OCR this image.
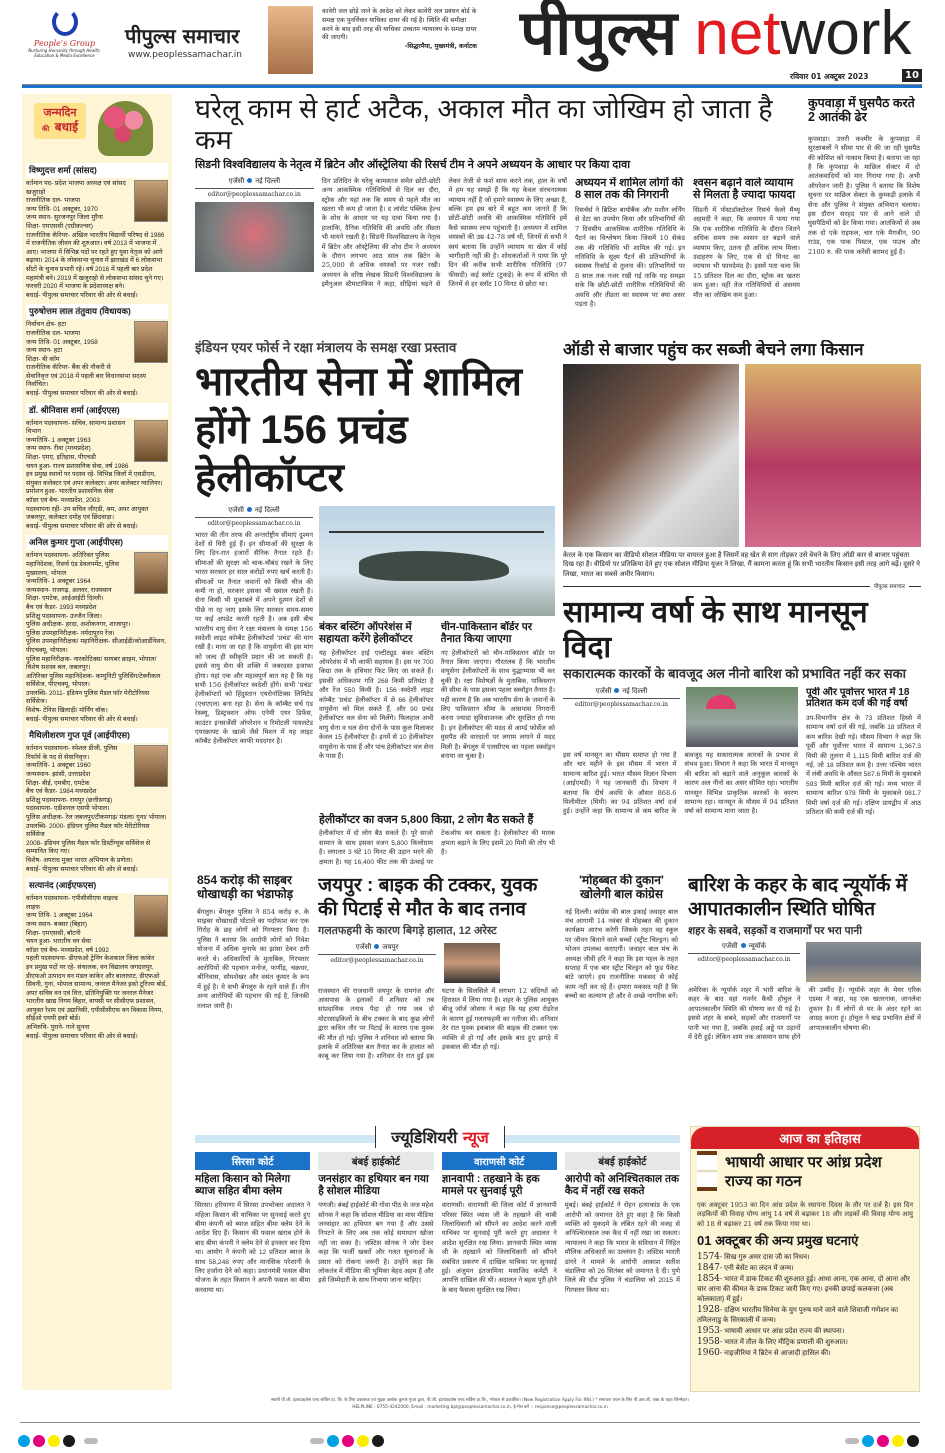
People's Group
Nurturing Humanity through Health, Education & Media Excellence
पीपुल्स समाचार
www.peoplessamachar.in
कावेरी जल छोड़े जाने के आदेश को लेकर कावेरी जल प्रबंधन बोर्ड के समक्ष एक पुनर्विचार याचिका दायर की गई है। स्थिति की समीक्षा करने के बाद इसी तरह की याचिका उच्चतम न्यायालय के समक्ष दायर की जाएगी।
-सिद्धरमैया, मुख्यमंत्री, कर्नाटक पीपुल्स network
रविवार 01 अक्टूबर 2023	10
जन्मदिन
की बधाई
विष्णुदत्त शर्मा (सांसद)
वर्तमान पद- प्रदेश भाजपा अध्यक्ष एवं सांसद खजुराहो
राजनीतिक दल- भाजपा
जन्म तिथि- 01 अक्टूबर, 1970
जन्म स्थान- सुरजनपुर जिला मुरैना
शिक्षा- एमएससी (एग्रीकल्चर)
राजनीतिक कॅरियर- अखिल भारतीय विद्यार्थी परिषद से 1986 में राजनीतिक जीवन की शुरुआत। वर्ष 2013 में भाजपा में आए। भाजपा में विभिन्न पदों पर रहते हुए युवा नेतृत्व को आगे बढ़ाया। 2014 के लोकसभा चुनाव में झारखंड में 6 लोकसभा सीटों के चुनाव प्रभारी रहे। वर्ष 2016 में पहली बार प्रदेश महामंत्री बने। 2019 में खजुराहो से लोकसभा सांसद चुने गए। फरवरी 2020 में भाजपा के प्रदेशाध्यक्ष बने।
बधाई- पीपुल्स समाचार परिवार की ओर से बधाई।
पुरुषोत्तम लाल तंतुवाय (विधायक)
निर्वाचन क्षेत्र- हटा
राजनीतिक दल- भाजपा
जन्म तिथि- 01 अक्टूबर, 1958
जन्म स्थान- हटा
शिक्षा- बी कॉम
राजनीतिक कॅरियर- बैंक की नौकरी से सेवानिवृत्त एवं 2018 में पहली बार विधानसभा सदस्य निर्वाचित।
बधाई- पीपुल्स समाचार परिवार की ओर से बधाई।
डॉ. श्रीनिवास शर्मा (आईएएस)
वर्तमान पदस्थापना- सचिव, सामान्य प्रशासन विभाग
जन्मतिथि- 1 अक्टूबर 1963
जन्म स्थान- रीवा (मध्यप्रदेश)
शिक्षा- एमए, इतिहास, पीएचडी
चयन हुआ- राज्य प्रशासनिक सेवा, वर्ष 1986
इन प्रमुख स्थानों पर पदस्थ रहे- विभिन्न जिलों में एसडीएम, संयुक्त कलेक्टर एवं अपर कलेक्टर। अपर कलेक्टर ग्वालियर।
प्रमोशन हुआ- भारतीय प्रशासनिक सेवा
कॉडर एवं बैच- मध्यप्रदेश, 2003
पदस्थापना रही- उप सचिव जीएडी, श्रम, अपर आयुक्त जबलपुर, कलेक्टर दमोह एवं छिंदवाड़ा।
बधाई- पीपुल्स समाचार परिवार की ओर से बधाई।
अनिल कुमार गुप्ता (आईपीएस)
वर्तमान पदस्थापना- अतिरिक्त पुलिस महानिदेशक, रिसर्च एंड डेवलपमेंट, पुलिस मुख्यालय, भोपाल
जन्मतिथि- 1 अक्टूबर 1964
जन्मस्थान- राजगढ़, अलवर, राजस्थान
शिक्षा- एमटेक, आईआईटी दिल्ली।
बैच एवं कैडर- 1993 मध्यप्रदेश
प्रशिक्षु पदस्थापना- उज्जैन जिला।
पुलिस अधीक्षक- हरदा, अशोकनगर, शाजापुर।
पुलिस उपमहानिरीक्षक- नर्मदापुरम रेंज।
पुलिस उपमहानिरीक्षक/ महानिरीक्षक- सीआईडी/कोआर्डीनेशन, पीएचक्यू, भोपाल।
पुलिस महानिरीक्षक- नारकोटिक्स/ सायबर क्राइम, भोपाल/ विशेष सशस्त्र बल, जबलपुर।
अतिरिक्त पुलिस महानिदेशक- कम्युनिटी पुलिसिंग/टेक्नीकल सर्विसेज, पीएचक्यू, भोपाल।
उपलब्धि- 2011- इंडियन पुलिस मैडल फॉर मेरीटोरियस सर्विसेज।
विशेष- टेनिस खिलाड़ी/ मॉर्निंग वॉक।
बधाई- पीपुल्स समाचार परिवार की ओर से बधाई।
मैथिलीशरण गुप्त पूर्व (आईपीएस)
वर्तमान पदस्थापना- स्पेशल डीजी, पुलिस रिफॉर्म के पद से सेवानिवृत्त।
जन्मतिथि- 1 अक्टूबर 1960
जन्मस्थान- झांसी, उत्तरप्रदेश
शिक्षा- बीई, एमबीए, एमटेक
बैच एवं कैडर- 1984 मध्यप्रदेश
प्रशिक्षु पदस्थापना- रायपुर (छत्तीसगढ़)
पदस्थापना- एडीशनल एसपी भोपाल।
पुलिस अधीक्षक- रेल जबलपुर/टीकमगढ़/ मंडला/ गुना/ भोपाल।
उपलब्धि- 2000- इंडियन पुलिस मैडल फॉर मेरीटोरियस सर्विसेज
2008- इंडियन पुलिस मैडल फॉर डिस्टींग्यूस सर्विसेज से सम्मानित किए गए।
विशेष- अपराध मुक्त भारत अभियान के प्रणेता।
बधाई- पीपुल्स समाचार परिवार की ओर से बधाई।
सत्यानंद (आईएफएस)
वर्तमान पदस्थापना- एपीसीसीएफ वाइल्ड लाइफ
जन्म तिथि- 1 अक्टूबर 1964
जन्म स्थान- बक्सर (बिहार)
शिक्षा- एमएससी, बॉटनी
चयन हुआ- भारतीय वन सेवा
कॉडर एवं बैच- मध्यप्रदेश, वर्ष 1992
पहली पदस्थापना- डीएफओ ट्रेनिंग केशकाल जिला कांकेर
इन प्रमुख पदों पर रहे- संचालक, वन विद्यालय जगदलपुर, डीएफओ उत्पादन वन मंडल कांकेर और बालाघाट, डीएफओ सिवनी, गुना, भोपाल सामान्य, जनरल मैनेजर इको टूरिज्म बोर्ड, अपर सचिव वन एवं वित्त, प्रतिनियुक्ति पर जनरल मैनेजर भारतीय खाद्य निगम बिहार, वापसी पर सीसीएफ प्रशासन, आयुक्त रेशम एवं उद्यानिकी, एपीसीसीएफ वन विकास निगम, सीईओ एमपी इको बोर्ड।
अभिरुचि- पुराने- गाने सुनना
बधाई- पीपुल्स समाचार परिवार की ओर से बधाई।
घरेलू काम से हार्ट अटैक, अकाल मौत का जोखिम हो जाता है कम
सिडनी विश्वविद्यालय के नेतृत्व में ब्रिटेन और ऑस्ट्रेलिया की रिसर्च टीम ने अपने अध्ययन के आधार पर किया दावा
एजेंसी नई दिल्ली
editor@peoplessamachar.co.in
दिन प्रतिदिन के घरेलू कामकाज समेत छोटी-छोटी अन्य आकस्मिक गतिविधियों से दिल का दौरा, स्ट्रोक और यहां तक कि समय से पहले मौत का खतरा भी कम हो जाता है। द लांसेट पब्लिक हेल्थ के शोध के आधार पर यह दावा किया गया है। हालांकि, दैनिक गतिविधि की अवधि और तीव्रता भी मायने रखती है। सिडनी विश्वविद्यालय के नेतृत्व में ब्रिटेन और ऑस्ट्रेलिया की शोध टीम ने अध्ययन के दौरान लगभग आठ साल तक ब्रिटेन के 25,000 से अधिक वयस्कों पर नजर रखी। अध्ययन के वरिष्ठ लेखक सिडनी विश्वविद्यालय के इमैनुअल स्टैमाटाकिस ने कहा, सीढ़ियां चढ़ने से लेकर तेजी से फर्श साफ करने तक, हाल के वर्षों में हम यह समझे हैं कि यह केवल संरचनात्मक व्यायाम नहीं है जो हमारे स्वास्थ्य के लिए अच्छा है, बल्कि हम इस बारे में बहुत कम जानते हैं कि छोटी-छोटी अवधि की आकस्मिक गतिविधि हमें कैसे स्वास्थ्य लाभ पहुंचाती है। अध्ययन में शामिल वयस्कों की उम्र 42-78 वर्ष थी, जिनमें से सभी ने स्वयं बताया कि उन्होंने व्यायाम या खेल में कोई भागीदारी नहीं की है। शोधकर्ताओं ने पाया कि पूरे दिन की करीब सभी शारीरिक गतिविधि (97 फीसदी) कई स्लॉट (टुकड़े) के रूप में संचित थी जिनमें से हर स्लॉट 10 मिनट से छोटा था।
अध्ययन में शामिल लोगों की 8 साल तक की निगरानी
रिसर्चर्स ने ब्रिटिश बायोबैंक और मशीन लर्निंग से डेटा का उपयोग किया और प्रतिभागियों की 7 दिवसीय आकस्मिक शारीरिक गतिविधि के पैटर्न का विश्लेषण किया जिसमें 10 सेकंड तक की गतिविधि भी शामिल की गई। इन गतिविधि के सूक्ष्म पैटर्न की प्रतिभागियों के स्वास्थ्य रिकॉर्ड से तुलना की। प्रतिभागियों पर 8 साल तक नजर रखी गई ताकि यह समझा सके कि छोटी-छोटी शारीरिक गतिविधियों की अवधि और तीव्रता का स्वास्थ्य पर क्या असर पड़ता है।
श्वसन बढ़ाने वाले व्यायाम से मिलता है ज्यादा फायदा
सिडनी में पोस्टडॉक्टोरल रिसर्च फेलो मैथ्यू अहमदी ने कहा, कि अध्ययन में पाया गया कि एक शारीरिक गतिविधि के दौरान जितने अधिक समय तक श्वसन दर बढ़ाने वाले व्यायाम किए, उतना ही अधिक लाभ मिला। उदाहरण के लिए, एक से दो मिनट का व्यायाम भी फायदेमंद है। इसमें पता चला कि 15 प्रतिशत दिल का दौरा, स्ट्रोक का खतरा कम हुआ। वहीं तेज गतिविधियों से असमय मौत का जोखिम कम हुआ।
कुपवाड़ा में घुसपैठ करते 2 आतंकी ढेर
कुपवाड़ा। उत्तरी कश्मीर के कुपवाड़ा में सुरक्षाबलों ने सीमा पार से की जा रही घुसपैठ की कोशिश को नाकाम किया है। बताया जा रहा है कि कुपवाड़ा के माछिल सेक्टर में दो आतंकवादियों को मार गिराया गया है। अभी ऑपरेशन जारी है। पुलिस ने बताया कि विशेष सूचना पर माछिल सेक्टर के कुम्कड़ी इलाके में सेना और पुलिस ने संयुक्त अभियान चलाया। इस दौरान सरहद पार से आने वाले दो घुसपैठियों को ढेर किया गया। आतंकियों से अब तक दो एके राइफल, चार एके मैगजीन, 90 राउंड, एक पाक पिस्टल, एक पाउच और 2100 रु. की पाक करेंसी बरामद हुई है।
इंडियन एयर फोर्स ने रक्षा मंत्रालय के समक्ष रखा प्रस्ताव
भारतीय सेना में शामिल होंगे 156 प्रचंड हेलीकॉप्टर
एजेंसी नई दिल्ली
editor@peoplessamachar.co.in
भारत की तीन तरफ की अन्तर्राष्ट्रीय सीमाएं दुश्मन देशों से घिरी हुई हैं। इन सीमाओं की सुरक्षा के लिए दिन-रात हजारों सैनिक तैनात रहते हैं। सीमाओं की सुरक्षा को चाक-चौबंद रखने के लिए भारत सरकार हर साल करोड़ों रुपए खर्च करती है। सीमाओं पर तैनात जवानों को किसी चीज की कमी ना हो, सरकार इसका भी ख्याल रखती है। सेना किसी भी मुकाबले में अपने दुश्मन देशों से पीछे ना रह जाए इसके लिए सरकार समय-समय पर कई अपडेट करती रहती है। अब इसी बीच भारतीय वायु सेना ने रक्षा मंत्रालय के समक्ष 156 स्वदेशी लाइट कॉम्बैट हेलीकॉप्टर्स 'प्रचंड' की मांग रखी है। माना जा रहा है कि वायुसेना की इस मांग को जल्द ही स्वीकृति प्रदान की जा सकती है। इससे वायु सेना की शक्ति में जबरदस्त इजाफा होगा। यहां एक और महत्वपूर्ण बात यह है कि यह सभी 156 हेलीकॉप्टर स्वदेशी होंगे। सभी 'प्रचंड' हेलीकॉप्टरों को हिंदुस्तान एयरोनॉटिक्स लिमिटेड (एचएएल) बना रहा है। सेना के कॉम्बैट सर्च एंड रेस्क्यू, डिस्ट्रक्शन ऑफ एनेमी एयर डिफेंस, काउंटर इनसर्जेंसी ऑपरेशन व रिमोटली पायलटेड एयरक्राफ्ट के खात्मे जैसे मिशन में यह लाइट कॉम्बैट हेलीकॉप्टर काफी मददगार है।
बंकर बस्टिंग ऑपरेशंस में सहायता करेंगे हेलीकॉप्टर
यह हेलीकॉप्टर हाई एल्टीट्यूड बंकर बस्टिंग ऑपरेशंस में भी काफी सहायक है। इस पर 700 किग्रा तक के हथियार फिट किए जा सकते हैं। इसकी अधिकतम गति 268 किमी प्रतिघंटा है और रेंज 550 किमी है। 156 स्वदेशी लाइट कॉम्बैट 'प्रचंड' हेलीकॉप्टर में से 66 हेलीकॉप्टर वायुसेना को मिल सकते हैं, और 90 प्रचंड हेलीकॉप्टर थल सेना को मिलेंगे। फिलहाल अभी वायु सेना व थल सेना दोनों के पास कुल मिलाकर केवल 15 हेलीकॉप्टर हैं। इनमें से 10 हेलीकॉप्टर वायुसेना के पास हैं और पांच हेलीकॉप्टर थल सेना के पास हैं।
चीन-पाकिस्तान बॉर्डर पर तैनात किया जाएगा
नए हेलीकॉप्टरों को चीन-पाकिस्तान बॉर्डर पर तैनात किया जाएगा। गौरतलब है कि भारतीय वायुसेना हेलीकॉप्टरों के साथ युद्धाभ्यास भी कर चुकी है। रक्षा विशेषज्ञों के मुताबिक, पाकिस्तान की सीमा के पास इसका पहला स्क्वॉड्रन तैनात है। यही कारण है कि अब भारतीय सेना के जवानों के लिए पाकिस्तान सीमा के आसपास निगरानी करना ज्यादा सुविधाजनक और सुरक्षित हो गया है। इन हेलीकॉप्टर की मदद से आर्म्ड फोर्सेज को घुसपैठ की वारदातों पर लगाम लगाने में मदद मिली है। बेंगलुरु में एलसीएच का पहला स्क्वॉड्रन बनाया जा चुका है।
हेलीकॉप्टर का वजन 5,800 किग्रा, 2 लोग बैठ सकते हैं
हेलीकॉप्टर में दो लोग बैठ सकते हैं। पूरे साजो सामान के साथ इसका वजन 5,800 किलोग्राम है। लगातार 3 घंटे 10 मिनट की उड़ान भरने की क्षमता है। यह 16,400 फीट तक की ऊंचाई पर टेकऑफ कर सकता है। हेलीकॉप्टर की मारक क्षमता बढ़ाने के लिए इसमें 20 मिमी की तोप भी है।
ऑडी से बाजार पहुंच कर सब्जी बेचने लगा किसान
केरल के एक किसान का वीडियो सोशल मीडिया पर वायरल हुआ है जिसमें वह खेत से साग तोड़कर उसे बेचने के लिए ऑडी कार से बाजार पहुंचता दिख रहा है। वीडियो पर प्रतिक्रिया देते हुए एक सोशल मीडिया यूजर ने लिखा, मैं कामना करता हूं कि सभी भारतीय किसान इसी तरह आगे बढ़ें। दूसरे ने लिखा, भारत का सबसे अमीर किसान।
पीपुल्स समाचार
सामान्य वर्षा के साथ मानसून विदा
सकारात्मक कारकों के बावजूद अल नीनो बारिश को प्रभावित नहीं कर सका
एजेंसी नई दिल्ली
editor@peoplessamachar.co.in
इस वर्ष मानसून का मौसम समाप्त हो गया है और चार महीने के इस मौसम में भारत में सामान्य बारिश हुई। भारत मौसम विज्ञान विभाग (आईएमडी) ने यह जानकारी दी। विभाग ने बताया कि दीर्घ अवधि के औसत 868.6 मिलीमीटर (मिमी) का 94 प्रतिशत वर्षा दर्ज हुई। उन्होंने कहा कि सामान्य से कम बारिश के बावजूद यह सकारात्मक कारकों के प्रभाव से संभव हुआ। विभाग ने कहा कि भारत में मानसून की बारिश को बढ़ाने वाले अनुकूल कारकों के कारण अल नीनो का असर सीमित रहा। भारतीय मानसून विभिन्न प्राकृतिक कारकों के कारण सामान्य रहा। मानसून के मौसम में 94 प्रतिशत वर्षा को सामान्य माना जाता है।
पूर्वी और पूर्वोत्तर भारत में 18 प्रतिशत कम दर्ज की गई वर्षा
उप-विभागीय क्षेत्र के 73 प्रतिशत हिस्से में सामान्य वर्षा दर्ज की गई, जबकि 18 प्रतिशत में कम बारिश देखी गई। मौसम विभाग ने कहा कि पूर्वी और पूर्वोत्तर भारत में सामान्य 1,367.3 मिमी की तुलना में 1,115 मिमी बारिश दर्ज की गई, जो 18 प्रतिशत कम है। उत्तर पश्चिम भारत में लंबी अवधि के औसत 587.6 मिमी के मुकाबले 593 मिमी बारिश दर्ज की गई। मध्य भारत में सामान्य बारिश 978 मिमी के मुकाबले 981.7 मिमी वर्षा दर्ज की गई। दक्षिण प्रायद्वीप में आठ प्रतिशत की कमी दर्ज की गई।
854 करोड़ की साइबर धोखाधड़ी का भंडाफोड़
बेंगलुरु। बेंगलुरु पुलिस ने 854 करोड़ रु. के साइबर धोखाधड़ी घोटाले का पर्दाफाश कर एक गिरोह के छह लोगों को गिरफ्तार किया है। पुलिस ने बताया कि आरोपी लोगों को निवेश योजना में अधिक मुनाफे का झांसा देकर ठगी करते थे। अधिकारियों के मुताबिक, गिरफ्तार आरोपियों की पहचान मनोज, फणींद्र, चक्रधर, श्रीनिवास, सोमशेखर और वसंत कुमार के रूप में हुई है। ये सभी बेंगलुरु के रहने वाले हैं। तीन अन्य आरोपियों की पहचान की गई है, जिनकी तलाश जारी है।
जयपुर : बाइक की टक्कर, युवक की पिटाई से मौत के बाद तनाव
गलतफहमी के कारण बिगड़े हालात, 12 अरेस्ट
एजेंसी जयपुर
editor@peoplessamachar.co.in
राजस्थान की राजधानी जयपुर के रामगंज और आसपास के इलाकों में शनिवार को तब सांप्रदायिक तनाव पैदा हो गया जब दो मोटरसाइकिलों के बीच टक्कर के बाद कुछ लोगों द्वारा कथित तौर पर पिटाई के कारण एक युवक की मौत हो गई। पुलिस ने शनिवार को बताया कि इलाके में अतिरिक्त बल तैनात कर के हालात को काबू कर लिया गया है। शनिवार देर रात हुई इस घटना के सिलसिले में लगभग 12 संदिग्धों को हिरासत में लिया गया है। शहर के पुलिस आयुक्त बीजू जॉर्ज जोसफ ने कहा कि यह हत्या रोडरेज के कारण हुई गलतफहमी का नतीजा थी। शनिवार देर रात युवक इकबाल की बाइक की टक्कर एक व्यक्ति से हो गई और इसके बाद हुए झगड़े में इकबाल की मौत हो गई।
'मोहब्बत की दुकान' खोलेगी बाल कांग्रेस
नई दिल्ली। कांग्रेस की बाल इकाई जवाहर बाल मंच आगामी 14 नवंबर से मोहब्बत की दुकान कार्यक्रम आरंभ करेगी जिसके तहत वह स्कूल पर जीवन बिताने वाले बच्चों (स्ट्रीट चिल्ड्रन) को भोजन उपलब्ध कराएगी। जवाहर बाल मंच के अध्यक्ष जीवी हरि ने कहा कि इस पहल के तहत सप्ताह में एक बार स्ट्रीट चिल्ड्रन को फूड पैकेट बांटे जाएंगे। हम राजनीतिक मकसद से कोई काम नहीं कर रहे हैं। हमारा मकसद यही है कि बच्चों का कल्याण हो और वे अच्छे नागरिक बनें।
बारिश के कहर के बाद न्यूयॉर्क में आपातकालीन स्थिति घोषित
शहर के सबवे, सड़कों व राजमार्गों पर भरा पानी
एजेंसी न्यूयॉर्क
editor@peoplessamachar.co.in
अमेरिका के न्यूयॉर्क शहर में भारी बारिश के कहर के बाद वहां गवर्नर कैथी होचुल ने आपातकालीन स्थिति की घोषणा कर दी गई है। इससे शहर के सबवे, सड़कों और राजमार्गों पर पानी भर गया है, जबकि हवाई अड्डे पर उड़ानों में देरी हुई। लेकिन शाम तक आसमान साफ होने की उम्मीद है। न्यूयॉर्क शहर के मेयर एरिक एडम्स ने कहा, यह एक खतरनाक, जानलेवा तूफान है। मैं लोगों से घर के अंदर रहने का आग्रह करता हूं। होचुल ने बाढ़ प्रभावित क्षेत्रों में आपातकालीन घोषणा की।
ज्यूडिशियरी न्यूज
सिरसा कोर्ट
महिला किसान को मिलेगा ब्याज सहित बीमा क्लेम
सिरसा। हरियाणा में सिरसा उपभोक्ता अदालत ने महिला किसान की याचिका पर सुनवाई करते हुए बीमा कंपनी को ब्याज सहित बीमा क्लेम देने के आदेश दिए हैं। किसान की फसल खराब होने के बाद बीमा कंपनी ने क्लेम देने से इनकार कर दिया था। आयोग ने कंपनी को 12 प्रतिशत ब्याज के साथ 58,248 रुपए और मानसिक परेशानी के लिए हर्जाना देने को कहा। प्रधानमंत्री फसल बीमा योजना के तहत किसान ने अपनी फसल का बीमा करवाया था।
बंबई हाईकोर्ट
जनसंहार का हथियार बन गया है सोशल मीडिया
पणजी। बंबई हाईकोर्ट की गोवा पीठ के जज महेश सोनक ने कहा कि सोशल मीडिया का मास मीडिया जनसंहार का हथियार बन गया है और उससे निपटने के लिए अब तक कोई समाधान खोजा नहीं जा सका है। जस्टिस सोनक ने जोर देकर कहा कि फर्जी खबरों और गलत सूचनाओं के प्रसार को रोकना जरूरी है। उन्होंने कहा कि लोकतंत्र में मीडिया की भूमिका बेहद अहम है और इसे जिम्मेदारी के साथ निभाया जाना चाहिए।
वाराणसी कोर्ट
ज्ञानवापी : तहखाने के हक मामले पर सुनवाई पूरी
वाराणसी। वाराणसी की जिला कोर्ट में ज्ञानवापी परिसर स्थित व्यास जी के तहखाने की चाबी जिलाधिकारी को सौंपने का आदेश करने वाली याचिका पर सुनवाई पूरी करते हुए अदालत ने आदेश सुरक्षित रख लिया। ज्ञानवापी स्थित व्यास जी के तहखाने को जिलाधिकारी को सौंपने संबंधित प्रकरण में दाखिल याचिका पर सुनवाई हुई। अंजुमन इंतजामिया मसाजिद कमेटी ने आपत्ति दाखिल की थी। अदालत ने बहस पूरी होने के बाद फैसला सुरक्षित रख लिया।
बंबई हाईकोर्ट
आरोपी को अनिश्चितकाल तक कैद में नहीं रख सकते
मुंबई। बंबई हाईकोर्ट ने रोहन हत्याकांड के एक आरोपी को जमानत देते हुए कहा है कि किसी व्यक्ति को मुकदमे के लंबित रहने की वजह से अनिश्चितकाल तक कैद में नहीं रखा जा सकता। न्यायालय ने कहा कि भारत के संविधान में निहित मौलिक अधिकारों का उल्लंघन है। जस्टिस भारती डांगरे ने मामले के आरोपी आकाश सतीश चंडालिया को 26 सितंबर को जमानत दे दी। पुणे जिले की दौंड पुलिस ने चंडालिया को 2015 में गिरफ्तार किया था।
आज का इतिहास
भाषायी आधार पर आंध्र प्रदेश राज्य का गठन
एक अक्टूबर 1953 का दिन आंध्र प्रदेश के स्थापना दिवस के तौर पर दर्ज है। इस दिन लड़कियों की विवाह योग्य आयु 14 वर्ष से बढ़ाकर 18 और लड़कों की विवाह योग्य आयु को 18 से बढ़ाकर 21 वर्ष तक किया गया था।
01 अक्टूबर की अन्य प्रमुख घटनाएं
1574- सिख गुरु अमर दास जी का निधन।
1847- एनी बेसेंट का लंदन में जन्म।
1854- भारत में डाक टिकट की शुरुआत हुई। आधा आना, एक आना, दो आना और चार आना की कीमत के डाक टिकट जारी किए गए। इनकी छपाई कलकत्ता (अब कोलकाता) में हुई।
1928- दक्षिण भारतीय सिनेमा के युग पुरुष माने जाने वाले शिवाजी गणेशन का तमिलनाडु के सिरकाली में जन्म।
1953- भाषायी आधार पर आंध्र प्रदेश राज्य की स्थापना।
1958- भारत में तौल के लिए मीट्रिक प्रणाली की शुरुआत।
1960- नाइजीरिया ने ब्रिटेन से आजादी हासिल की।
स्वामी पी.जी. इंटरप्राइजेस एण्ड सर्विस प्रा. लि. के लिए प्रकाशक एवं मुद्रक अशोक कुमार गुप्ता द्वारा, पी.जी. इंटरप्राइजेस एण्ड सर्विस प्रा.लि., भोपाल से प्रकाशित। (New Registration Apply For RNI.) * समाचार चयन के लिए पी.आर.बी. एक्ट के तहत जिम्मेदार।
HELPLINE : 0755-4242000, Email : marketing.bpl@peoplessamachar.co.in, ई-मेल करें :- response@peoplessamachar.co.in
